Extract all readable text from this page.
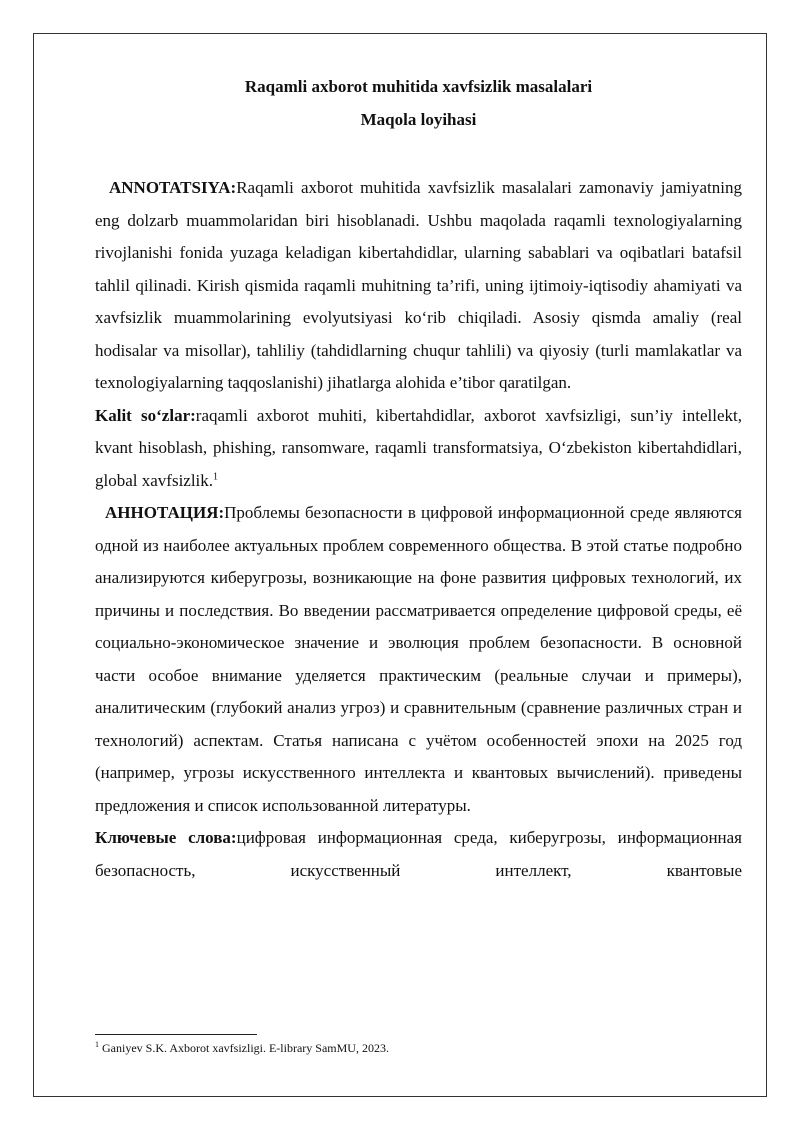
Raqamli axborot muhitida xavfsizlik masalalari

Maqola loyihasi

ANNOTATSIYA:Raqamli axborot muhitida xavfsizlik masalalari zamonaviy jamiyatning eng dolzarb muammolaridan biri hisoblanadi. Ushbu maqolada raqamli texnologiyalarning rivojlanishi fonida yuzaga keladigan kibertahdidlar, ularning sabablari va oqibatlari batafsil tahlil qilinadi. Kirish qismida raqamli muhitning ta’rifi, uning ijtimoiy-iqtisodiy ahamiyati va xavfsizlik muammolarining evolyutsiyasi ko‘rib chiqiladi. Asosiy qismda amaliy (real hodisalar va misollar), tahliliy (tahdidlarning chuqur tahlili) va qiyosiy (turli mamlakatlar va texnologiyalarning taqqoslanishi) jihatlarga alohida e’tibor qaratilgan.

Kalit so‘zlar:raqamli axborot muhiti, kibertahdidlar, axborot xavfsizligi, sun’iy intellekt, kvant hisoblash, phishing, ransomware, raqamli transformatsiya, O‘zbekiston kibertahdidlari, global xavfsizlik.$^1$

АННОТАЦИЯ:Проблемы безопасности в цифровой информационной среде являются одной из наиболее актуальных проблем современного общества. В этой статье подробно анализируются киберугрозы, возникающие на фоне развития цифровых технологий, их причины и последствия. Во введении рассматривается определение цифровой среды, её социально-экономическое значение и эволюция проблем безопасности. В основной части особое внимание уделяется практическим (реальные случаи и примеры), аналитическим (глубокий анализ угроз) и сравнительным (сравнение различных стран и технологий) аспектам. Статья написана с учётом особенностей эпохи на 2025 год (например, угрозы искусственного интеллекта и квантовых вычислений). приведены предложения и список использованной литературы.

Ключевые слова:цифровая информационная среда, киберугрозы, информационная безопасность, искусственный интеллект, квантовые

$^1$ Ganiyev S.K. Axborot xavfsizligi. E-library SamMU, 2023.
